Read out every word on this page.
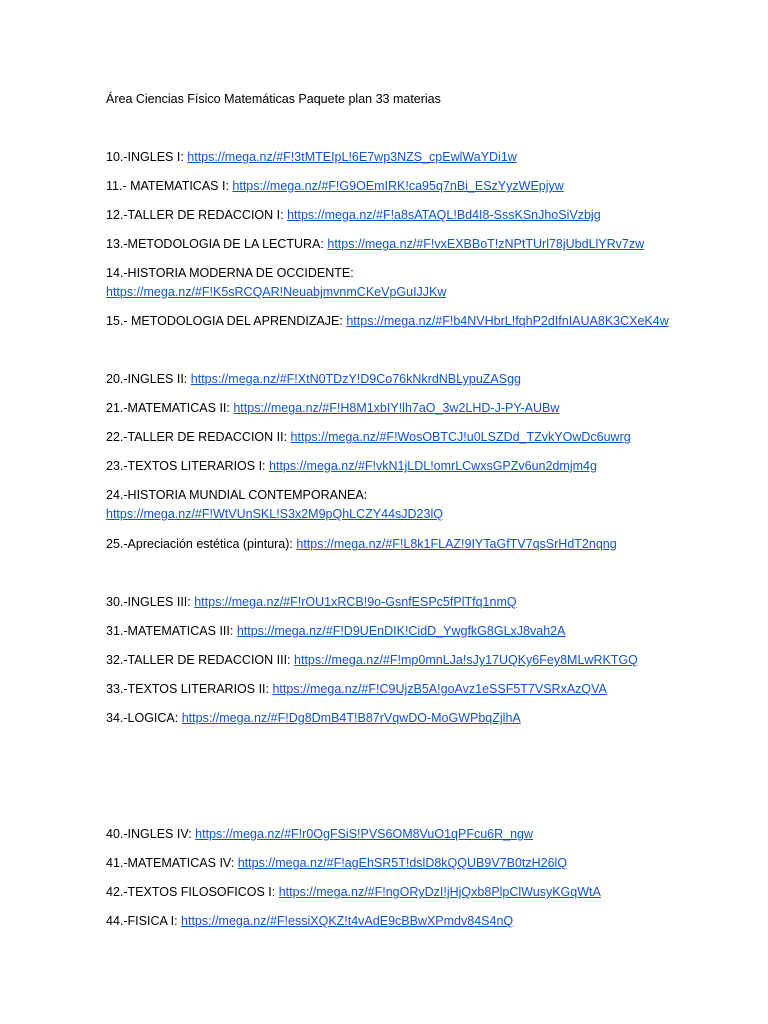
Área Ciencias Físico Matemáticas Paquete plan 33 materias
10.-INGLES I: https://mega.nz/#F!3tMTEIpL!6E7wp3NZS_cpEwlWaYDi1w
11.- MATEMATICAS I: https://mega.nz/#F!G9OEmIRK!ca95q7nBi_ESzYyzWEpjyw
12.-TALLER DE REDACCION I: https://mega.nz/#F!a8sATAQL!Bd4I8-SssKSnJhoSiVzbjg
13.-METODOLOGIA DE LA LECTURA: https://mega.nz/#F!vxEXBBoT!zNPtTUrl78jUbdLlYRv7zw
14.-HISTORIA MODERNA DE OCCIDENTE:
https://mega.nz/#F!K5sRCQAR!NeuabjmvnmCKeVpGuIJJKw
15.- METODOLOGIA DEL APRENDIZAJE: https://mega.nz/#F!b4NVHbrL!fqhP2dIfnIAUA8K3CXeK4w
20.-INGLES II: https://mega.nz/#F!XtN0TDzY!D9Co76kNkrdNBLypuZASgg
21.-MATEMATICAS II: https://mega.nz/#F!H8M1xbIY!lh7aO_3w2LHD-J-PY-AUBw
22.-TALLER DE REDACCION II: https://mega.nz/#F!WosOBTCJ!u0LSZDd_TZvkYOwDc6uwrg
23.-TEXTOS LITERARIOS I: https://mega.nz/#F!vkN1jLDL!omrLCwxsGPZv6un2dmjm4g
24.-HISTORIA MUNDIAL CONTEMPORANEA:
https://mega.nz/#F!WtVUnSKL!S3x2M9pQhLCZY44sJD23lQ
25.-Apreciación estética (pintura): https://mega.nz/#F!L8k1FLAZ!9IYTaGfTV7qsSrHdT2nqng
30.-INGLES III: https://mega.nz/#F!rOU1xRCB!9o-GsnfESPc5fPlTfq1nmQ
31.-MATEMATICAS III: https://mega.nz/#F!D9UEnDIK!CidD_YwgfkG8GLxJ8vah2A
32.-TALLER DE REDACCION III: https://mega.nz/#F!mp0mnLJa!sJy17UQKy6Fey8MLwRKTGQ
33.-TEXTOS LITERARIOS II: https://mega.nz/#F!C9UjzB5A!goAvz1eSSF5T7VSRxAzQVA
34.-LOGICA: https://mega.nz/#F!Dg8DmB4T!B87rVqwDO-MoGWPbqZjlhA
40.-INGLES IV: https://mega.nz/#F!r0OgFSiS!PVS6OM8VuO1qPFcu6R_ngw
41.-MATEMATICAS IV: https://mega.nz/#F!agEhSR5T!dslD8kQQUB9V7B0tzH26lQ
42.-TEXTOS FILOSOFICOS I: https://mega.nz/#F!ngORyDzI!jHjQxb8PlpClWusyKGqWtA
44.-FISICA I: https://mega.nz/#F!essiXQKZ!t4vAdE9cBBwXPmdv84S4nQ
